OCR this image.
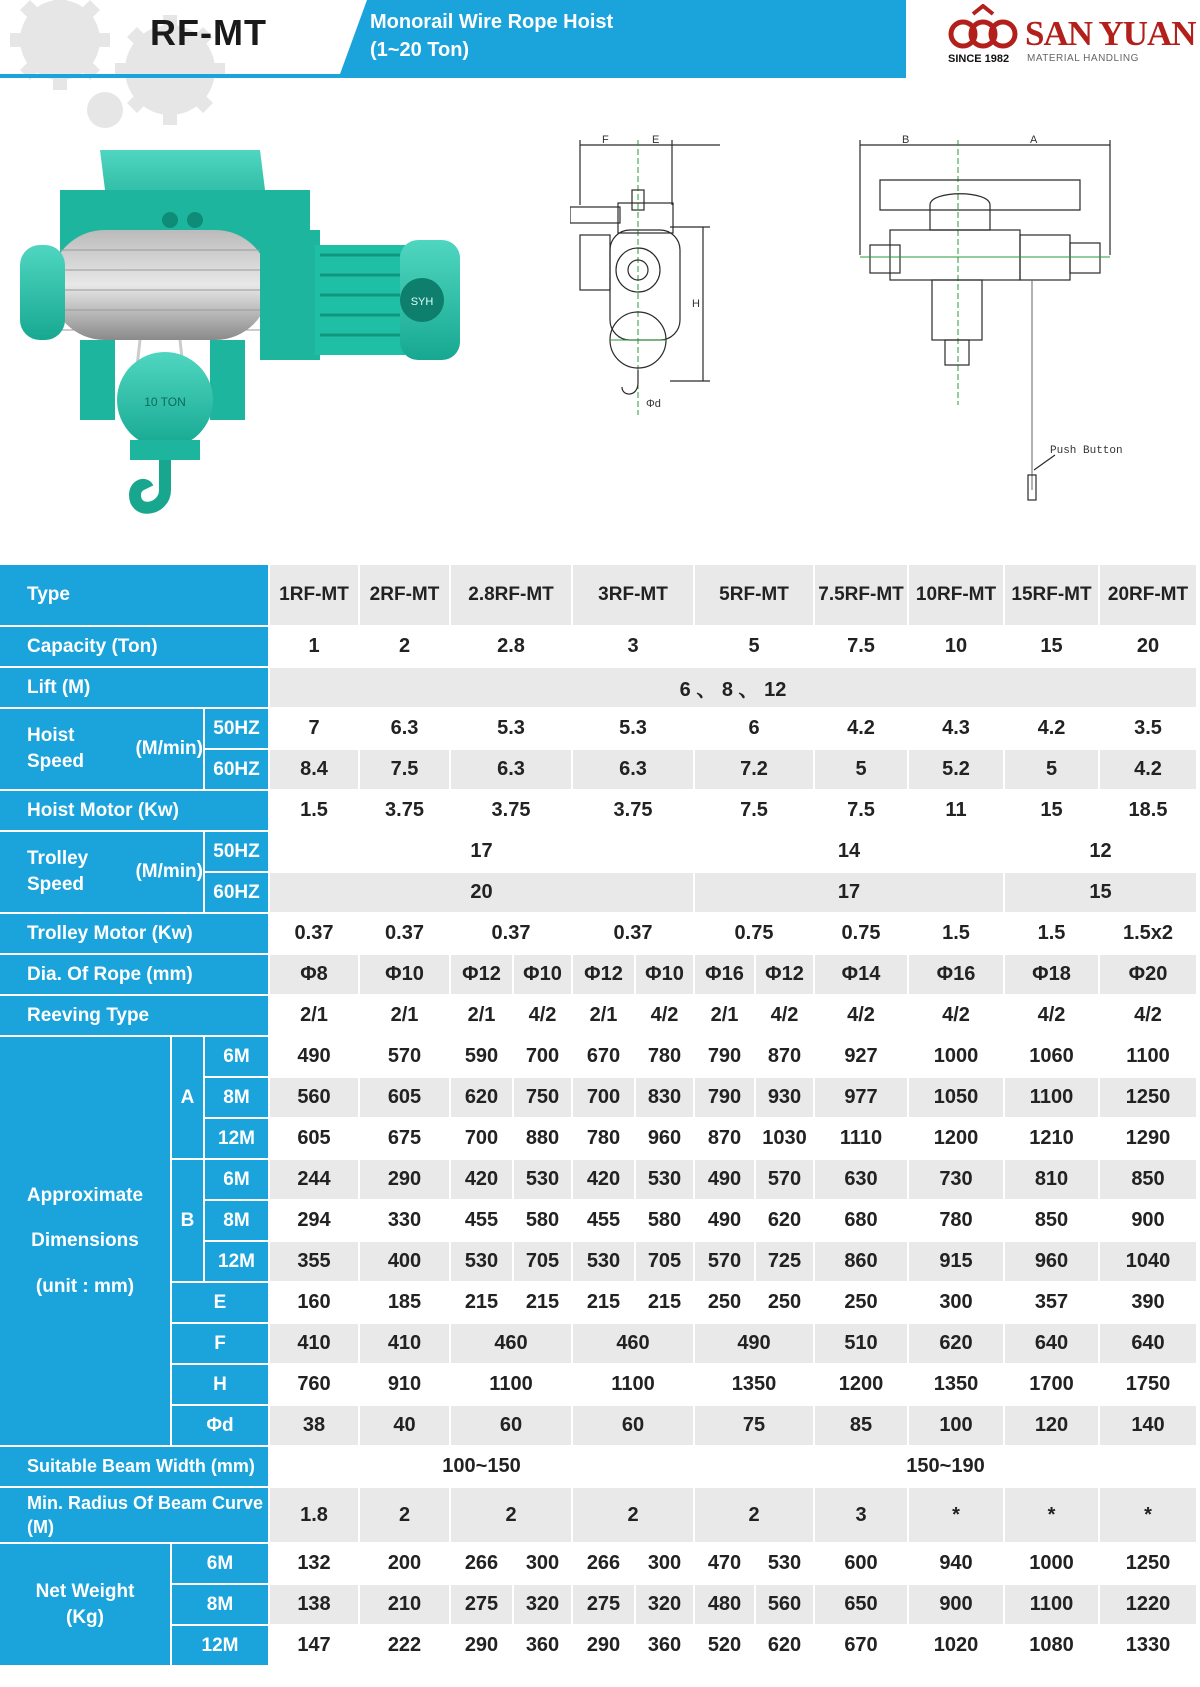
RF-MT	Monorail Wire Rope Hoist
(1~20 Ton)	SAN YUAN
SINCE 1982 MATERIAL HANDLING
SYH
10 TON
F	E
H
Φd
B	A
Push Button
Type	1RF-MT	2RF-MT	2.8RF-MT	3RF-MT	5RF-MT	7.5RF-MT 10RF-MT 15RF-MT 20RF-MT
Capacity (Ton)	1	2	2.8	3	5	7.5	10	15	20
Lift (M)	6 、 8 、 12
Hoist Speed

(M/min)
50HZ	7	6.3	5.3	5.3	6	4.2	4.3	4.2	3.5
60HZ	8.4	7.5	6.3	6.3	7.2	5	5.2	5	4.2
Hoist Motor (Kw)	1.5	3.75	3.75	3.75	7.5	7.5	11	15	18.5
Trolley Speed

(M/min)
50HZ	17	14	12
60HZ	20	17	15
Trolley Motor (Kw)	0.37	0.37	0.37	0.37	0.75	0.75	1.5	1.5	1.5x2
Dia. Of Rope (mm)	Φ8	Φ10	Φ12	Φ10	Φ12	Φ10	Φ16	Φ12	Φ14	Φ16	Φ18	Φ20
Reeving Type	2/1	2/1	2/1	4/2	2/1	4/2	2/1	4/2	4/2	4/2	4/2	4/2
Approximate
Dimensions
(unit : mm)
A
6M	490	570	590	700	670	780	790	870	927	1000	1060	1100
8M	560	605	620	750	700	830	790	930	977	1050	1100	1250
12M	605	675	700	880	780	960	870	1030	1110	1200	1210	1290
B
6M	244	290	420	530	420	530	490	570	630	730	810	850
8M	294	330	455	580	455	580	490	620	680	780	850	900
12M	355	400	530	705	530	705	570	725	860	915	960	1040
E	160	185	215	215	215	215	250	250	250	300	357	390
F	410	410	460	460	490	510	620	640	640
H	760	910	1100	1100	1350	1200	1350	1700	1750
Φd	38	40	60	60	75	85	100	120	140
Suitable Beam Width (mm)	100~150	150~190
Min. Radius Of Beam Curve (M)
1.8	2	2	2	2	3	*	*	*
Net Weight
(Kg)
6M	132	200	266	300	266	300	470	530	600	940	1000	1250
8M	138	210	275	320	275	320	480	560	650	900	1100	1220
12M	147	222	290	360	290	360	520	620	670	1020	1080	1330
